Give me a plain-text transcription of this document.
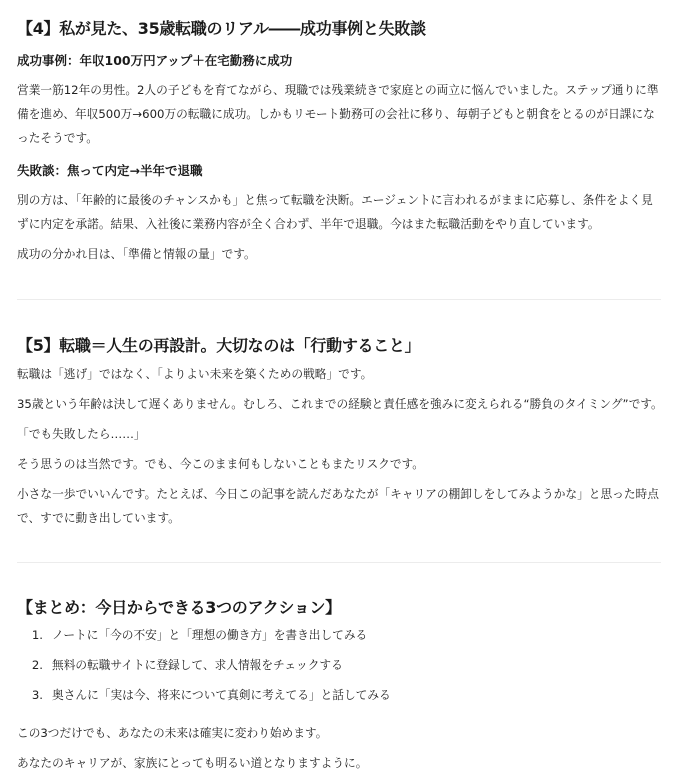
【4】私が見た、35歳転職のリアル――成功事例と失敗談
成功事例：年収100万円アップ＋在宅勤務に成功

営業一筋12年の男性。2人の子どもを育てながら、現職では残業続きで家庭との両立に悩んでいました。ステップ通りに準備を進め、年収500万→600万の転職に成功。しかもリモート勤務可の会社に移り、毎朝子どもと朝食をとるのが日課になったそうです。

失敗談：焦って内定→半年で退職

別の方は、「年齢的に最後のチャンスかも」と焦って転職を決断。エージェントに言われるがままに応募し、条件をよく見ずに内定を承諾。結果、入社後に業務内容が全く合わず、半年で退職。今はまた転職活動をやり直しています。

成功の分かれ目は、「準備と情報の量」です。

【5】転職＝人生の再設計。大切なのは「行動すること」

転職は「逃げ」ではなく、「よりよい未来を築くための戦略」です。

35歳という年齢は決して遅くありません。むしろ、これまでの経験と責任感を強みに変えられる“勝負のタイミング”です。

「でも失敗したら……」

そう思うのは当然です。でも、今このまま何もしないこともまたリスクです。

小さな一歩でいいんです。たとえば、今日この記事を読んだあなたが「キャリアの棚卸しをしてみようかな」と思った時点で、すでに動き出しています。

【まとめ：今日からできる3つのアクション】
1. ノートに「今の不安」と「理想の働き方」を書き出してみる
2. 無料の転職サイトに登録して、求人情報をチェックする
3. 奥さんに「実は今、将来について真剣に考えてる」と話してみる

この3つだけでも、あなたの未来は確実に変わり始めます。

あなたのキャリアが、家族にとっても明るい道となりますように。
